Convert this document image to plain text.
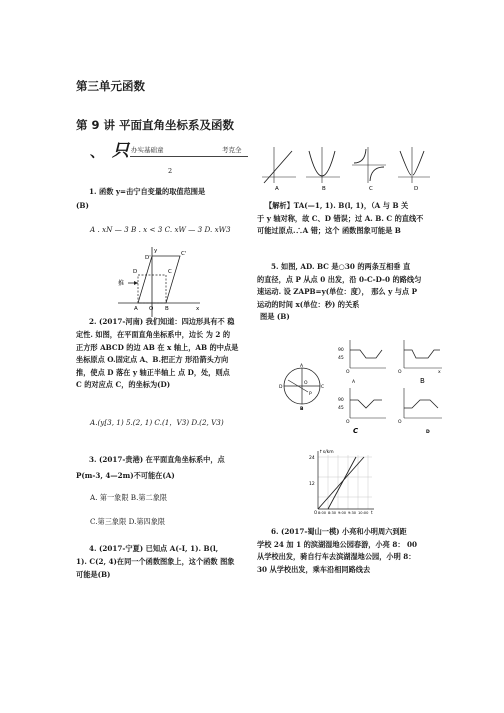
第三单元函数
第 9 讲 平面直角坐标系及函数
、 只 办实基础童	考克全
2
1. 函数 y=击宁自变量的取值范围是
(B)
A . xN — 3 B . x < 3 C. xW — 3 D. xW3
y
D'
C'
D	C
推
A O B	x
2. (2017-河南) 我们知道：四边形具有不 稳
定性. 如图，在平面直角坐标系中，边长 为 2 的
正方形 ABCD 的边 AB 在 x 轴上，AB 的中点是
坐标原点 O.固定点 A、B.把正方 形沿箭头方向
推，使点 D 落在 y 轴正半轴上 点 D，处，则点
C 的对应点 C，的坐标为(D)
A.(y[3, 1) 5.(2, 1) C.(1，V3) D.(2, V3)
3. (2017-贵港) 在平面直角坐标系中，点
P(m-3, 4—2m)不可能在(A)
A. 第一象限 B.第二象限
C.第三象限 D.第四象限
4. (2017-宁夏) 已知点 A(-I, 1). B(l,
1). C(2, 4)在同一个函数图象上，这个函数 图象
可能是(B)
A	B	C	D
【解析】TA(—1, 1). B(l, 1)，（A 与 B 关
于 y 轴对称，故 C、D 错误；过 A. B. C 的直线不
可能过原点.∴A 错；这个 函数图象可能是 B
5. 如图, AD. BC 是○30 的两条互相垂 直
的直径，点 P 从点 0 出发，沿 0-C-D-0 的路线匀
速运动. 设 ZAPB=y(单位：度）， 那么 y 与点 P
运动的时间 x(单位：秒) 的关系
图是 (B)
A
D
O
C
B
P
90
45
O
A
O	x
B
90
45
O
C
O
D
↑s/km
24
12
O 8:00 8:30 9:00 9:30 10:00 t
6. (2017-蜀山一模) 小亮和小明周六到距
学校 24 加 1 的滨湖湿地公园春游，小亮 8： 00
从学校出发，骑自行车去滨湖湿地公园，小明 8：
30 从学校出发，乘车沿相同路线去
